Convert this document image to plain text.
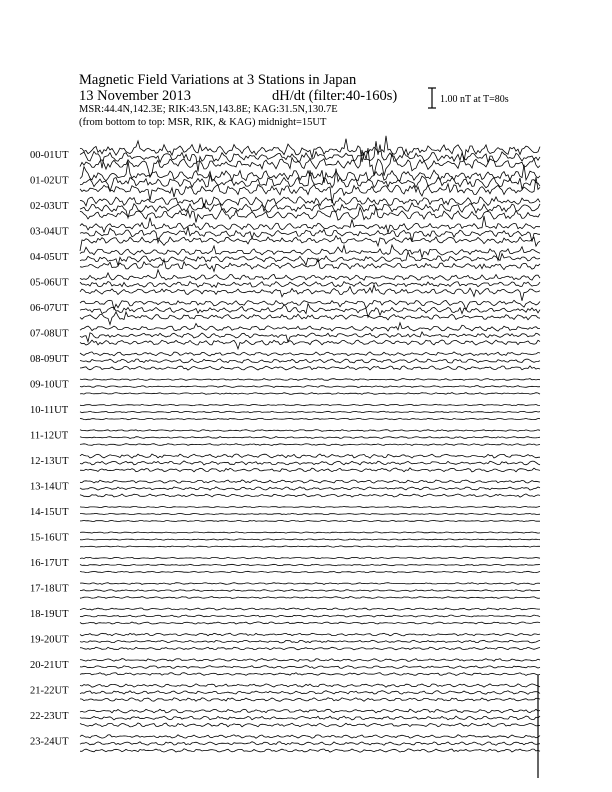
00-01UT
01-02UT
02-03UT
03-04UT
04-05UT
05-06UT
06-07UT
07-08UT
08-09UT
09-10UT
10-11UT
11-12UT
12-13UT
13-14UT
14-15UT
15-16UT
16-17UT
17-18UT
18-19UT
19-20UT
20-21UT
21-22UT
22-23UT
23-24UT
Magnetic Field Variations at 3 Stations in Japan
13 November 2013	dH/dt (filter:40-160s)
MSR:44.4N,142.3E; RIK:43.5N,143.8E; KAG:31.5N,130.7E
(from bottom to top: MSR, RIK, & KAG) midnight=15UT
1.00 nT at T=80s
